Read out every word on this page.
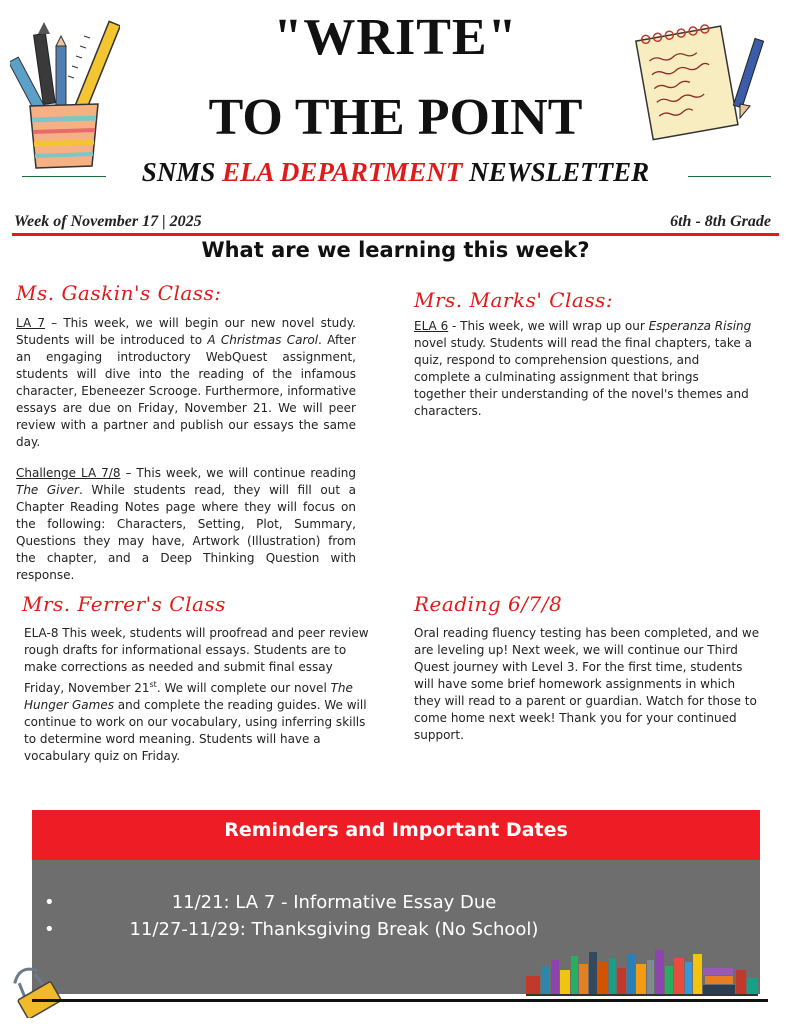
"WRITE"
TO THE POINT
SNMS ELA DEPARTMENT NEWSLETTER
Week of November 17 | 2025	6th - 8th Grade
What are we learning this week?
Ms. Gaskin's Class:
LA 7 – This week, we will begin our new novel study. Students will be introduced to A Christmas Carol. After an engaging introductory WebQuest assignment, students will dive into the reading of the infamous character, Ebeneezer Scrooge. Furthermore, informative essays are due on Friday, November 21. We will peer review with a partner and publish our essays the same day.
Challenge LA 7/8 – This week, we will continue reading The Giver. While students read, they will fill out a Chapter Reading Notes page where they will focus on the following: Characters, Setting, Plot, Summary, Questions they may have, Artwork (Illustration) from the chapter, and a Deep Thinking Question with response.
Mrs. Marks' Class:
ELA 6 - This week, we will wrap up our Esperanza Rising novel study. Students will read the final chapters, take a quiz, respond to comprehension questions, and complete a culminating assignment that brings together their understanding of the novel's themes and characters.
Mrs. Ferrer's Class
ELA-8 This week, students will proofread and peer review rough drafts for informational essays. Students are to make corrections as needed and submit final essay Friday, November 21st. We will complete our novel The Hunger Games and complete the reading guides. We will continue to work on our vocabulary, using inferring skills to determine word meaning. Students will have a vocabulary quiz on Friday.
Reading 6/7/8
Oral reading fluency testing has been completed, and we are leveling up! Next week, we will continue our Third Quest journey with Level 3. For the first time, students will have some brief homework assignments in which they will read to a parent or guardian. Watch for those to come home next week! Thank you for your continued support.
Reminders and Important Dates
•	11/21: LA 7 - Informative Essay Due
•	11/27-11/29: Thanksgiving Break (No School)
